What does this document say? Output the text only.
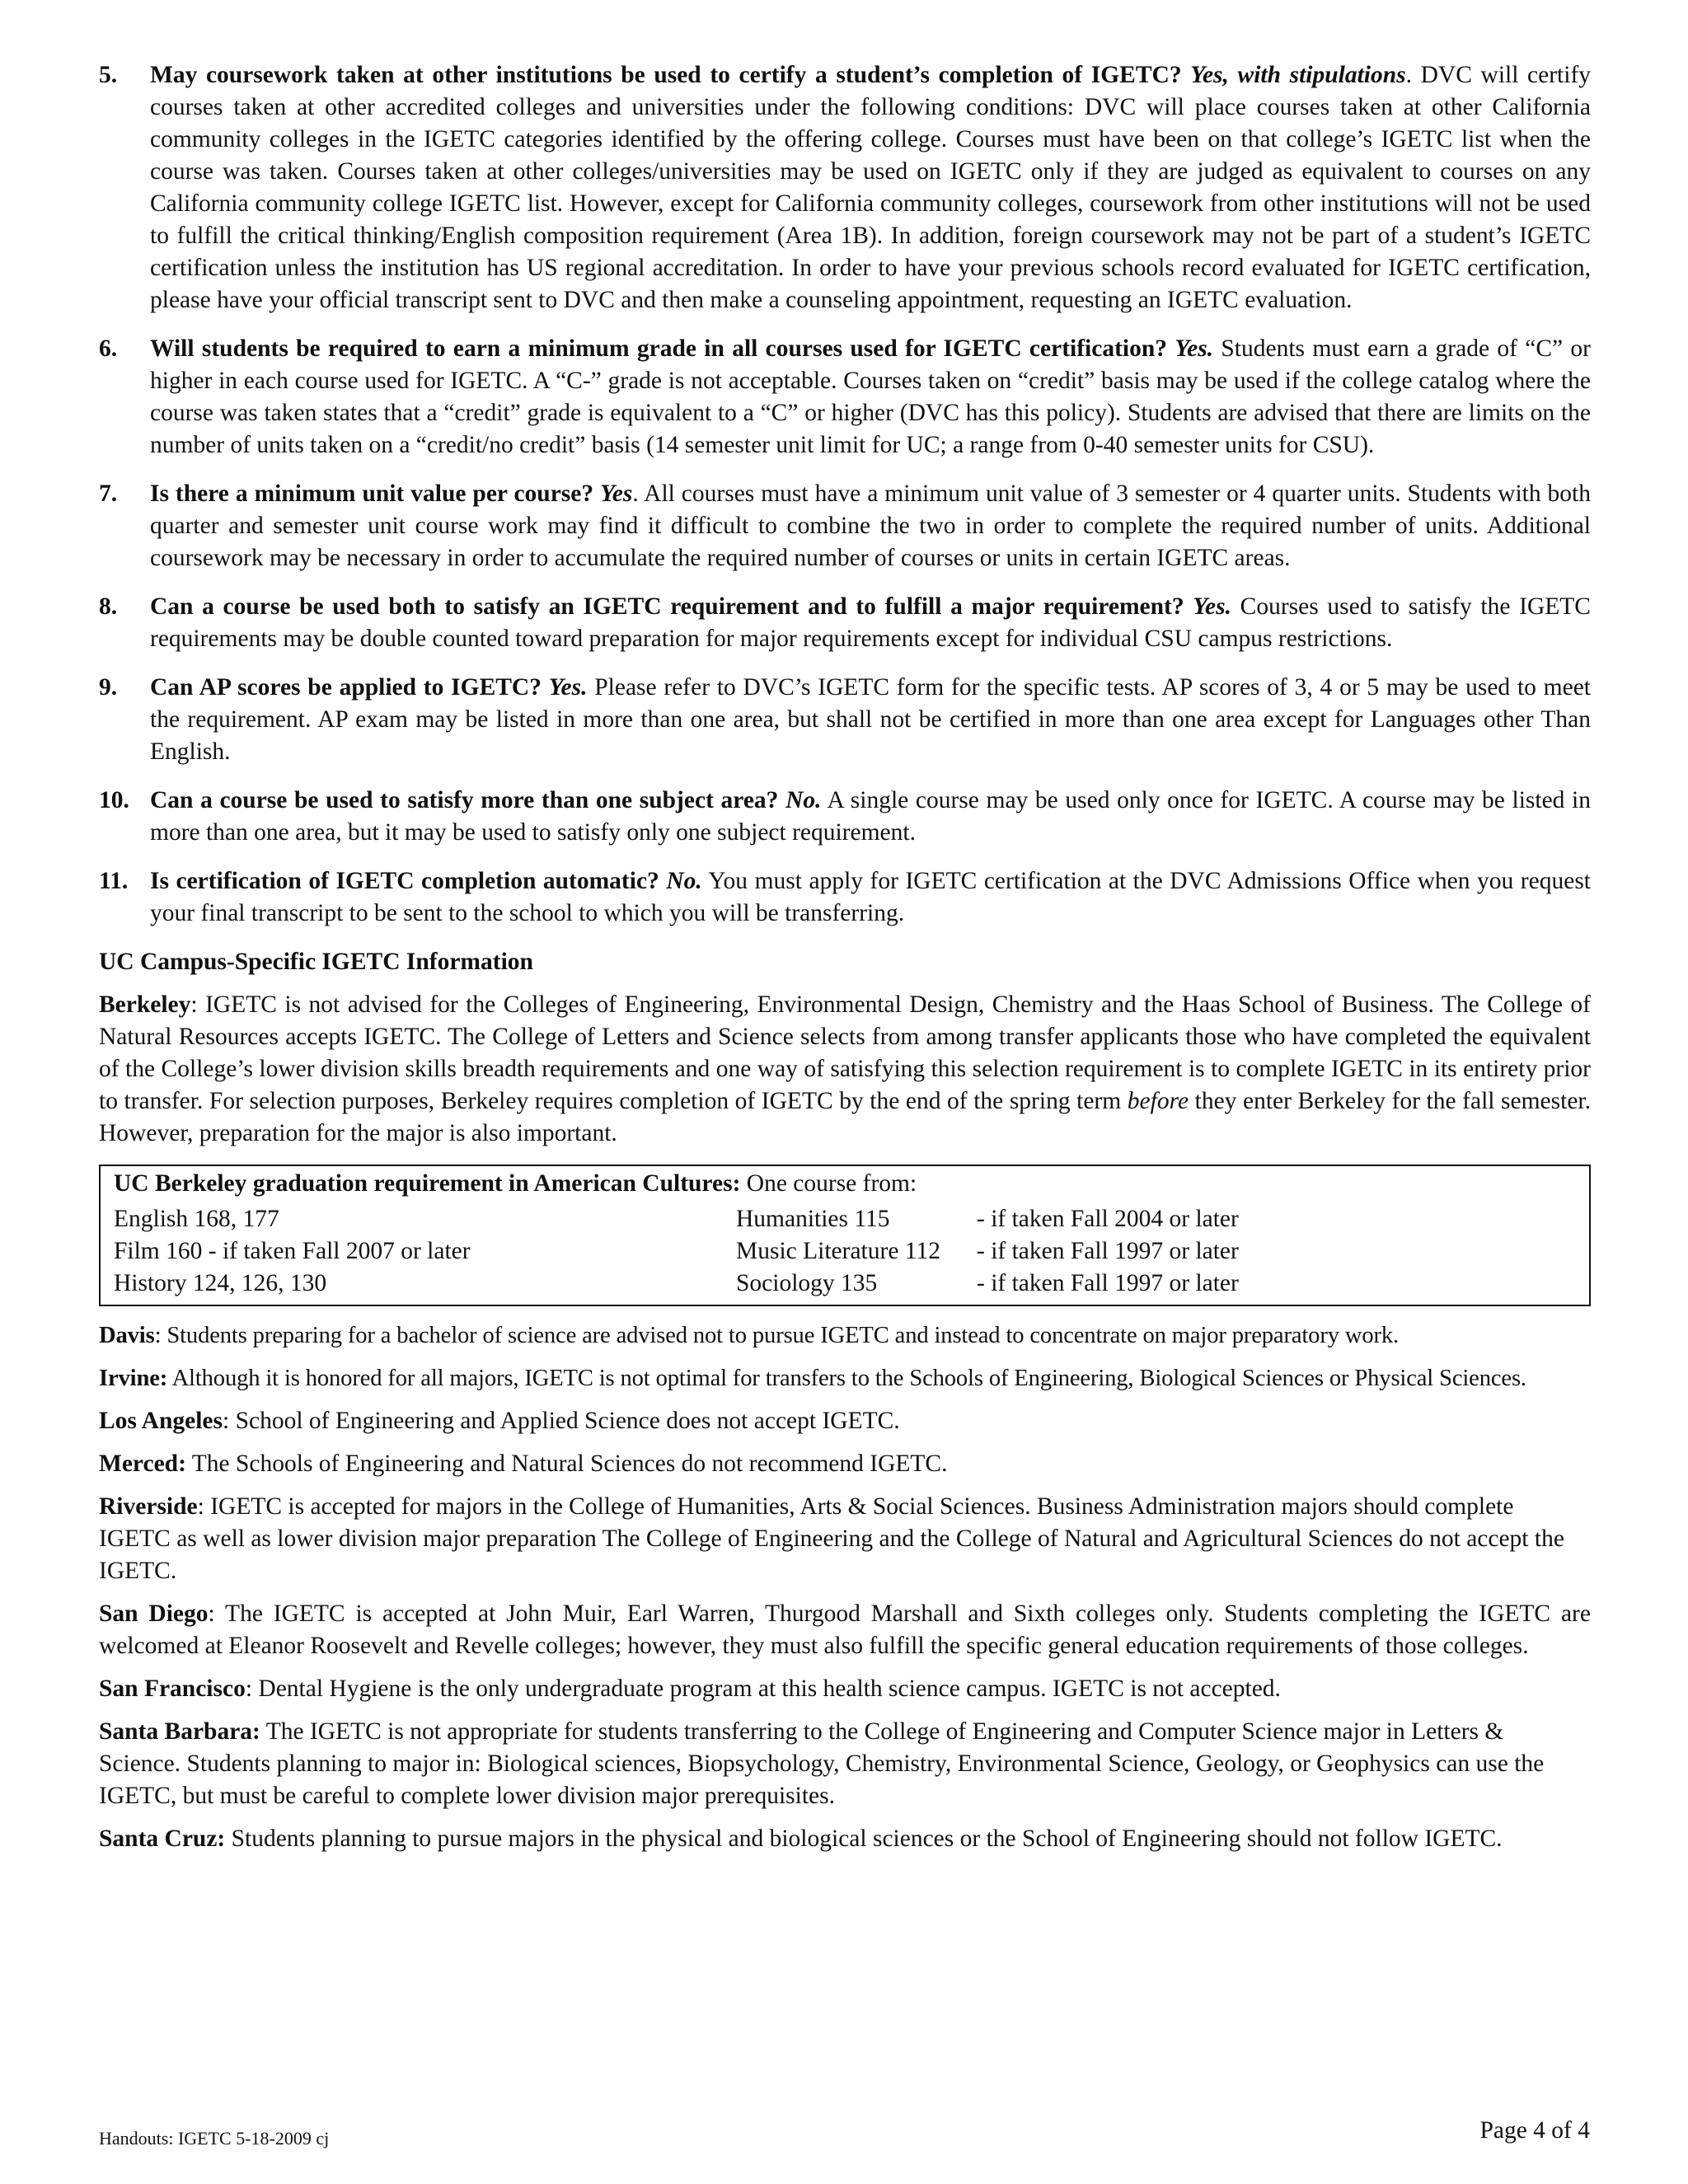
5. May coursework taken at other institutions be used to certify a student’s completion of IGETC? Yes, with stipulations. DVC will certify courses taken at other accredited colleges and universities under the following conditions: DVC will place courses taken at other California community colleges in the IGETC categories identified by the offering college. Courses must have been on that college’s IGETC list when the course was taken. Courses taken at other colleges/universities may be used on IGETC only if they are judged as equivalent to courses on any California community college IGETC list. However, except for California community colleges, coursework from other institutions will not be used to fulfill the critical thinking/English composition requirement (Area 1B). In addition, foreign coursework may not be part of a student’s IGETC certification unless the institution has US regional accreditation. In order to have your previous schools record evaluated for IGETC certification, please have your official transcript sent to DVC and then make a counseling appointment, requesting an IGETC evaluation.
6. Will students be required to earn a minimum grade in all courses used for IGETC certification? Yes. Students must earn a grade of “C” or higher in each course used for IGETC. A “C-” grade is not acceptable. Courses taken on “credit” basis may be used if the college catalog where the course was taken states that a “credit” grade is equivalent to a “C” or higher (DVC has this policy). Students are advised that there are limits on the number of units taken on a “credit/no credit” basis (14 semester unit limit for UC; a range from 0-40 semester units for CSU).
7. Is there a minimum unit value per course? Yes. All courses must have a minimum unit value of 3 semester or 4 quarter units. Students with both quarter and semester unit course work may find it difficult to combine the two in order to complete the required number of units. Additional coursework may be necessary in order to accumulate the required number of courses or units in certain IGETC areas.
8. Can a course be used both to satisfy an IGETC requirement and to fulfill a major requirement? Yes. Courses used to satisfy the IGETC requirements may be double counted toward preparation for major requirements except for individual CSU campus restrictions.
9. Can AP scores be applied to IGETC? Yes. Please refer to DVC’s IGETC form for the specific tests. AP scores of 3, 4 or 5 may be used to meet the requirement. AP exam may be listed in more than one area, but shall not be certified in more than one area except for Languages other Than English.
10. Can a course be used to satisfy more than one subject area? No. A single course may be used only once for IGETC. A course may be listed in more than one area, but it may be used to satisfy only one subject requirement.
11. Is certification of IGETC completion automatic? No. You must apply for IGETC certification at the DVC Admissions Office when you request your final transcript to be sent to the school to which you will be transferring.

UC Campus-Specific IGETC Information

Berkeley: IGETC is not advised for the Colleges of Engineering, Environmental Design, Chemistry and the Haas School of Business. The College of Natural Resources accepts IGETC. The College of Letters and Science selects from among transfer applicants those who have completed the equivalent of the College’s lower division skills breadth requirements and one way of satisfying this selection requirement is to complete IGETC in its entirety prior to transfer. For selection purposes, Berkeley requires completion of IGETC by the end of the spring term before they enter Berkeley for the fall semester. However, preparation for the major is also important.

UC Berkeley graduation requirement in American Cultures: One course from:
English 168, 177	Humanities 115	- if taken Fall 2004 or later
Film 160 - if taken Fall 2007 or later	Music Literature 112	- if taken Fall 1997 or later
History 124, 126, 130	Sociology 135	- if taken Fall 1997 or later

Davis: Students preparing for a bachelor of science are advised not to pursue IGETC and instead to concentrate on major preparatory work.

Irvine: Although it is honored for all majors, IGETC is not optimal for transfers to the Schools of Engineering, Biological Sciences or Physical Sciences.

Los Angeles: School of Engineering and Applied Science does not accept IGETC.

Merced: The Schools of Engineering and Natural Sciences do not recommend IGETC.

Riverside: IGETC is accepted for majors in the College of Humanities, Arts & Social Sciences. Business Administration majors should complete IGETC as well as lower division major preparation The College of Engineering and the College of Natural and Agricultural Sciences do not accept the IGETC.

San Diego: The IGETC is accepted at John Muir, Earl Warren, Thurgood Marshall and Sixth colleges only. Students completing the IGETC are welcomed at Eleanor Roosevelt and Revelle colleges; however, they must also fulfill the specific general education requirements of those colleges.

San Francisco: Dental Hygiene is the only undergraduate program at this health science campus. IGETC is not accepted.

Santa Barbara: The IGETC is not appropriate for students transferring to the College of Engineering and Computer Science major in Letters & Science. Students planning to major in: Biological sciences, Biopsychology, Chemistry, Environmental Science, Geology, or Geophysics can use the IGETC, but must be careful to complete lower division major prerequisites.

Santa Cruz: Students planning to pursue majors in the physical and biological sciences or the School of Engineering should not follow IGETC.

Handouts: IGETC 5-18-2009 cj	Page 4 of 4
